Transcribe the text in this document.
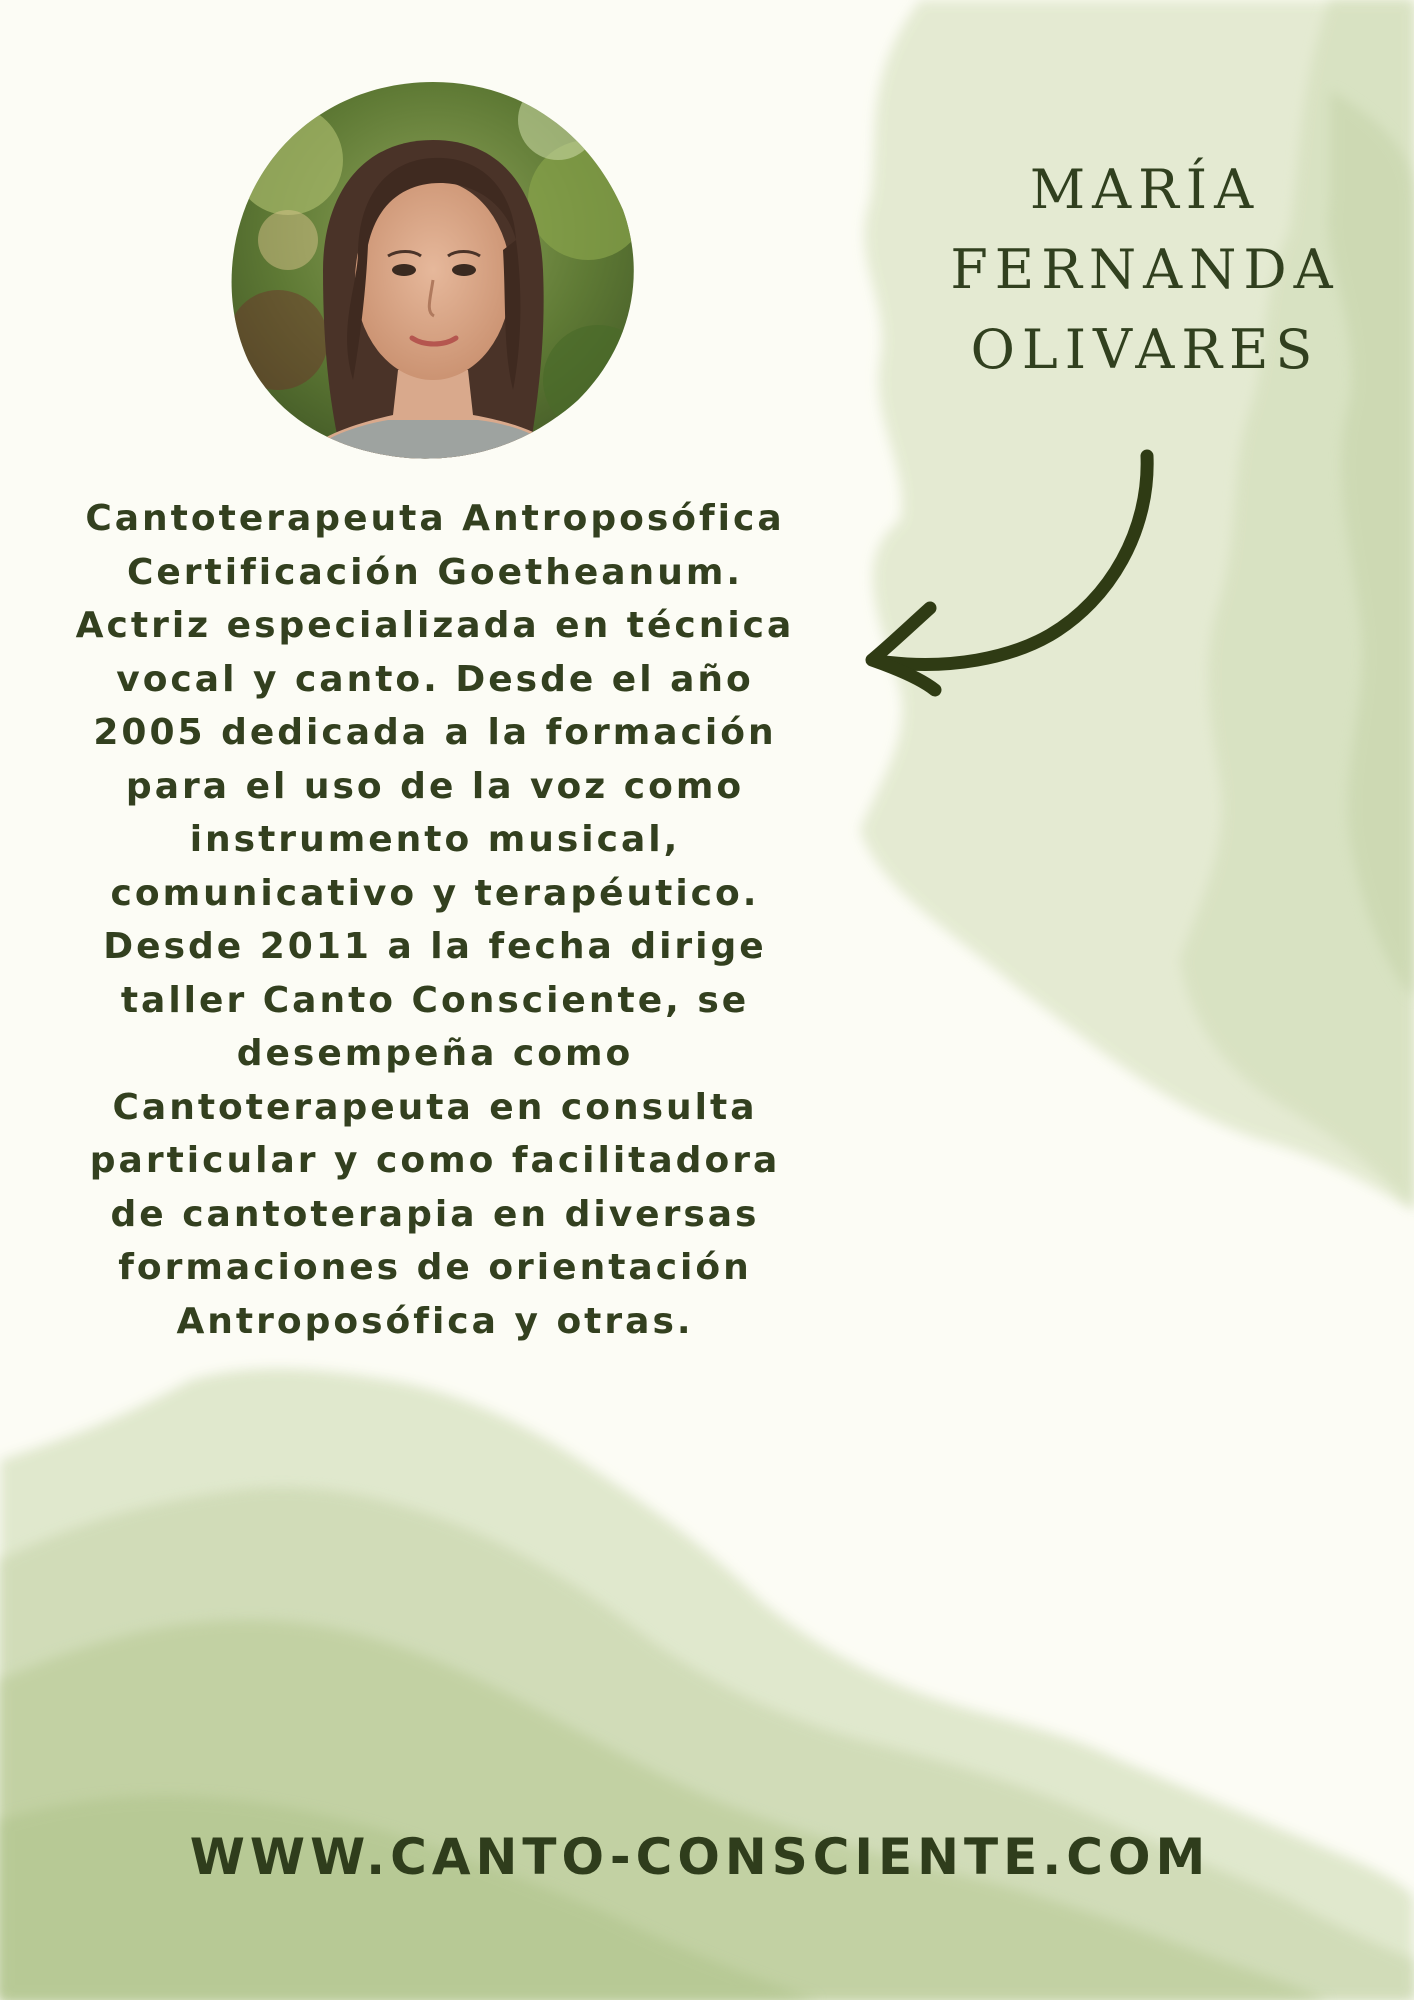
MARÍA
FERNANDA
OLIVARES
Cantoterapeuta Antroposófica
Certificación Goetheanum.
Actriz especializada en técnica
vocal y canto. Desde el año
2005 dedicada a la formación
para el uso de la voz como
instrumento musical,
comunicativo y terapéutico.
Desde 2011 a la fecha dirige
taller Canto Consciente, se
desempeña como
Cantoterapeuta en consulta
particular y como facilitadora
de cantoterapia en diversas
formaciones de orientación
Antroposófica y otras.
WWW.CANTO-CONSCIENTE.COM
